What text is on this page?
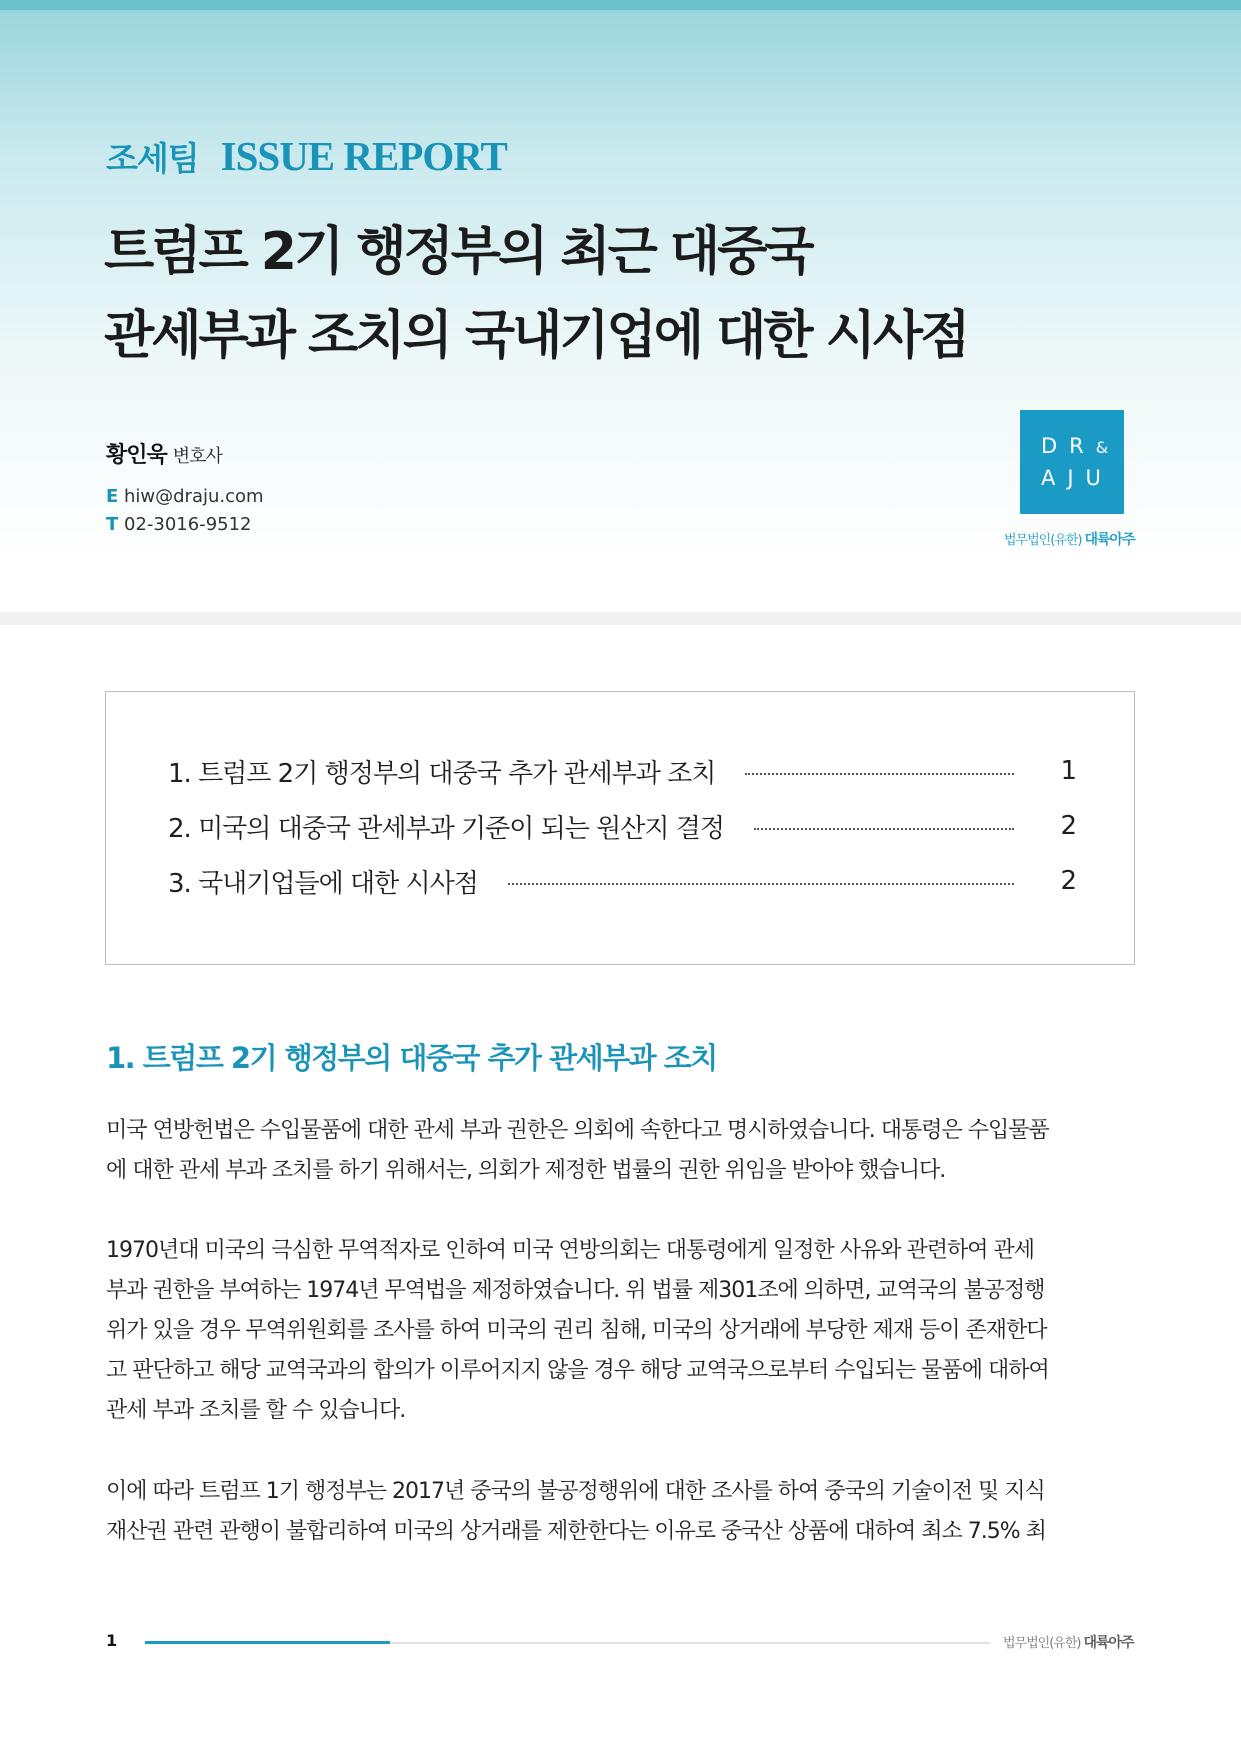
조세팀 ISSUE REPORT
트럼프 2기 행정부의 최근 대중국
관세부과 조치의 국내기업에 대한 시사점
황인욱 변호사
E hiw@draju.com
T 02-3016-9512
DR&
AJU
법무법인(유한) 대륙아주
1. 트럼프 2기 행정부의 대중국 추가 관세부과 조치	1
2. 미국의 대중국 관세부과 기준이 되는 원산지 결정	2
3. 국내기업들에 대한 시사점	2
1. 트럼프 2기 행정부의 대중국 추가 관세부과 조치
미국 연방헌법은 수입물품에 대한 관세 부과 권한은 의회에 속한다고 명시하였습니다. 대통령은 수입물품
에 대한 관세 부과 조치를 하기 위해서는, 의회가 제정한 법률의 권한 위임을 받아야 했습니다.
1970년대 미국의 극심한 무역적자로 인하여 미국 연방의회는 대통령에게 일정한 사유와 관련하여 관세
부과 권한을 부여하는 1974년 무역법을 제정하였습니다. 위 법률 제301조에 의하면, 교역국의 불공정행
위가 있을 경우 무역위원회를 조사를 하여 미국의 권리 침해, 미국의 상거래에 부당한 제재 등이 존재한다
고 판단하고 해당 교역국과의 합의가 이루어지지 않을 경우 해당 교역국으로부터 수입되는 물품에 대하여
관세 부과 조치를 할 수 있습니다.
이에 따라 트럼프 1기 행정부는 2017년 중국의 불공정행위에 대한 조사를 하여 중국의 기술이전 및 지식
재산권 관련 관행이 불합리하여 미국의 상거래를 제한한다는 이유로 중국산 상품에 대하여 최소 7.5% 최
1	법무법인(유한) 대륙아주
